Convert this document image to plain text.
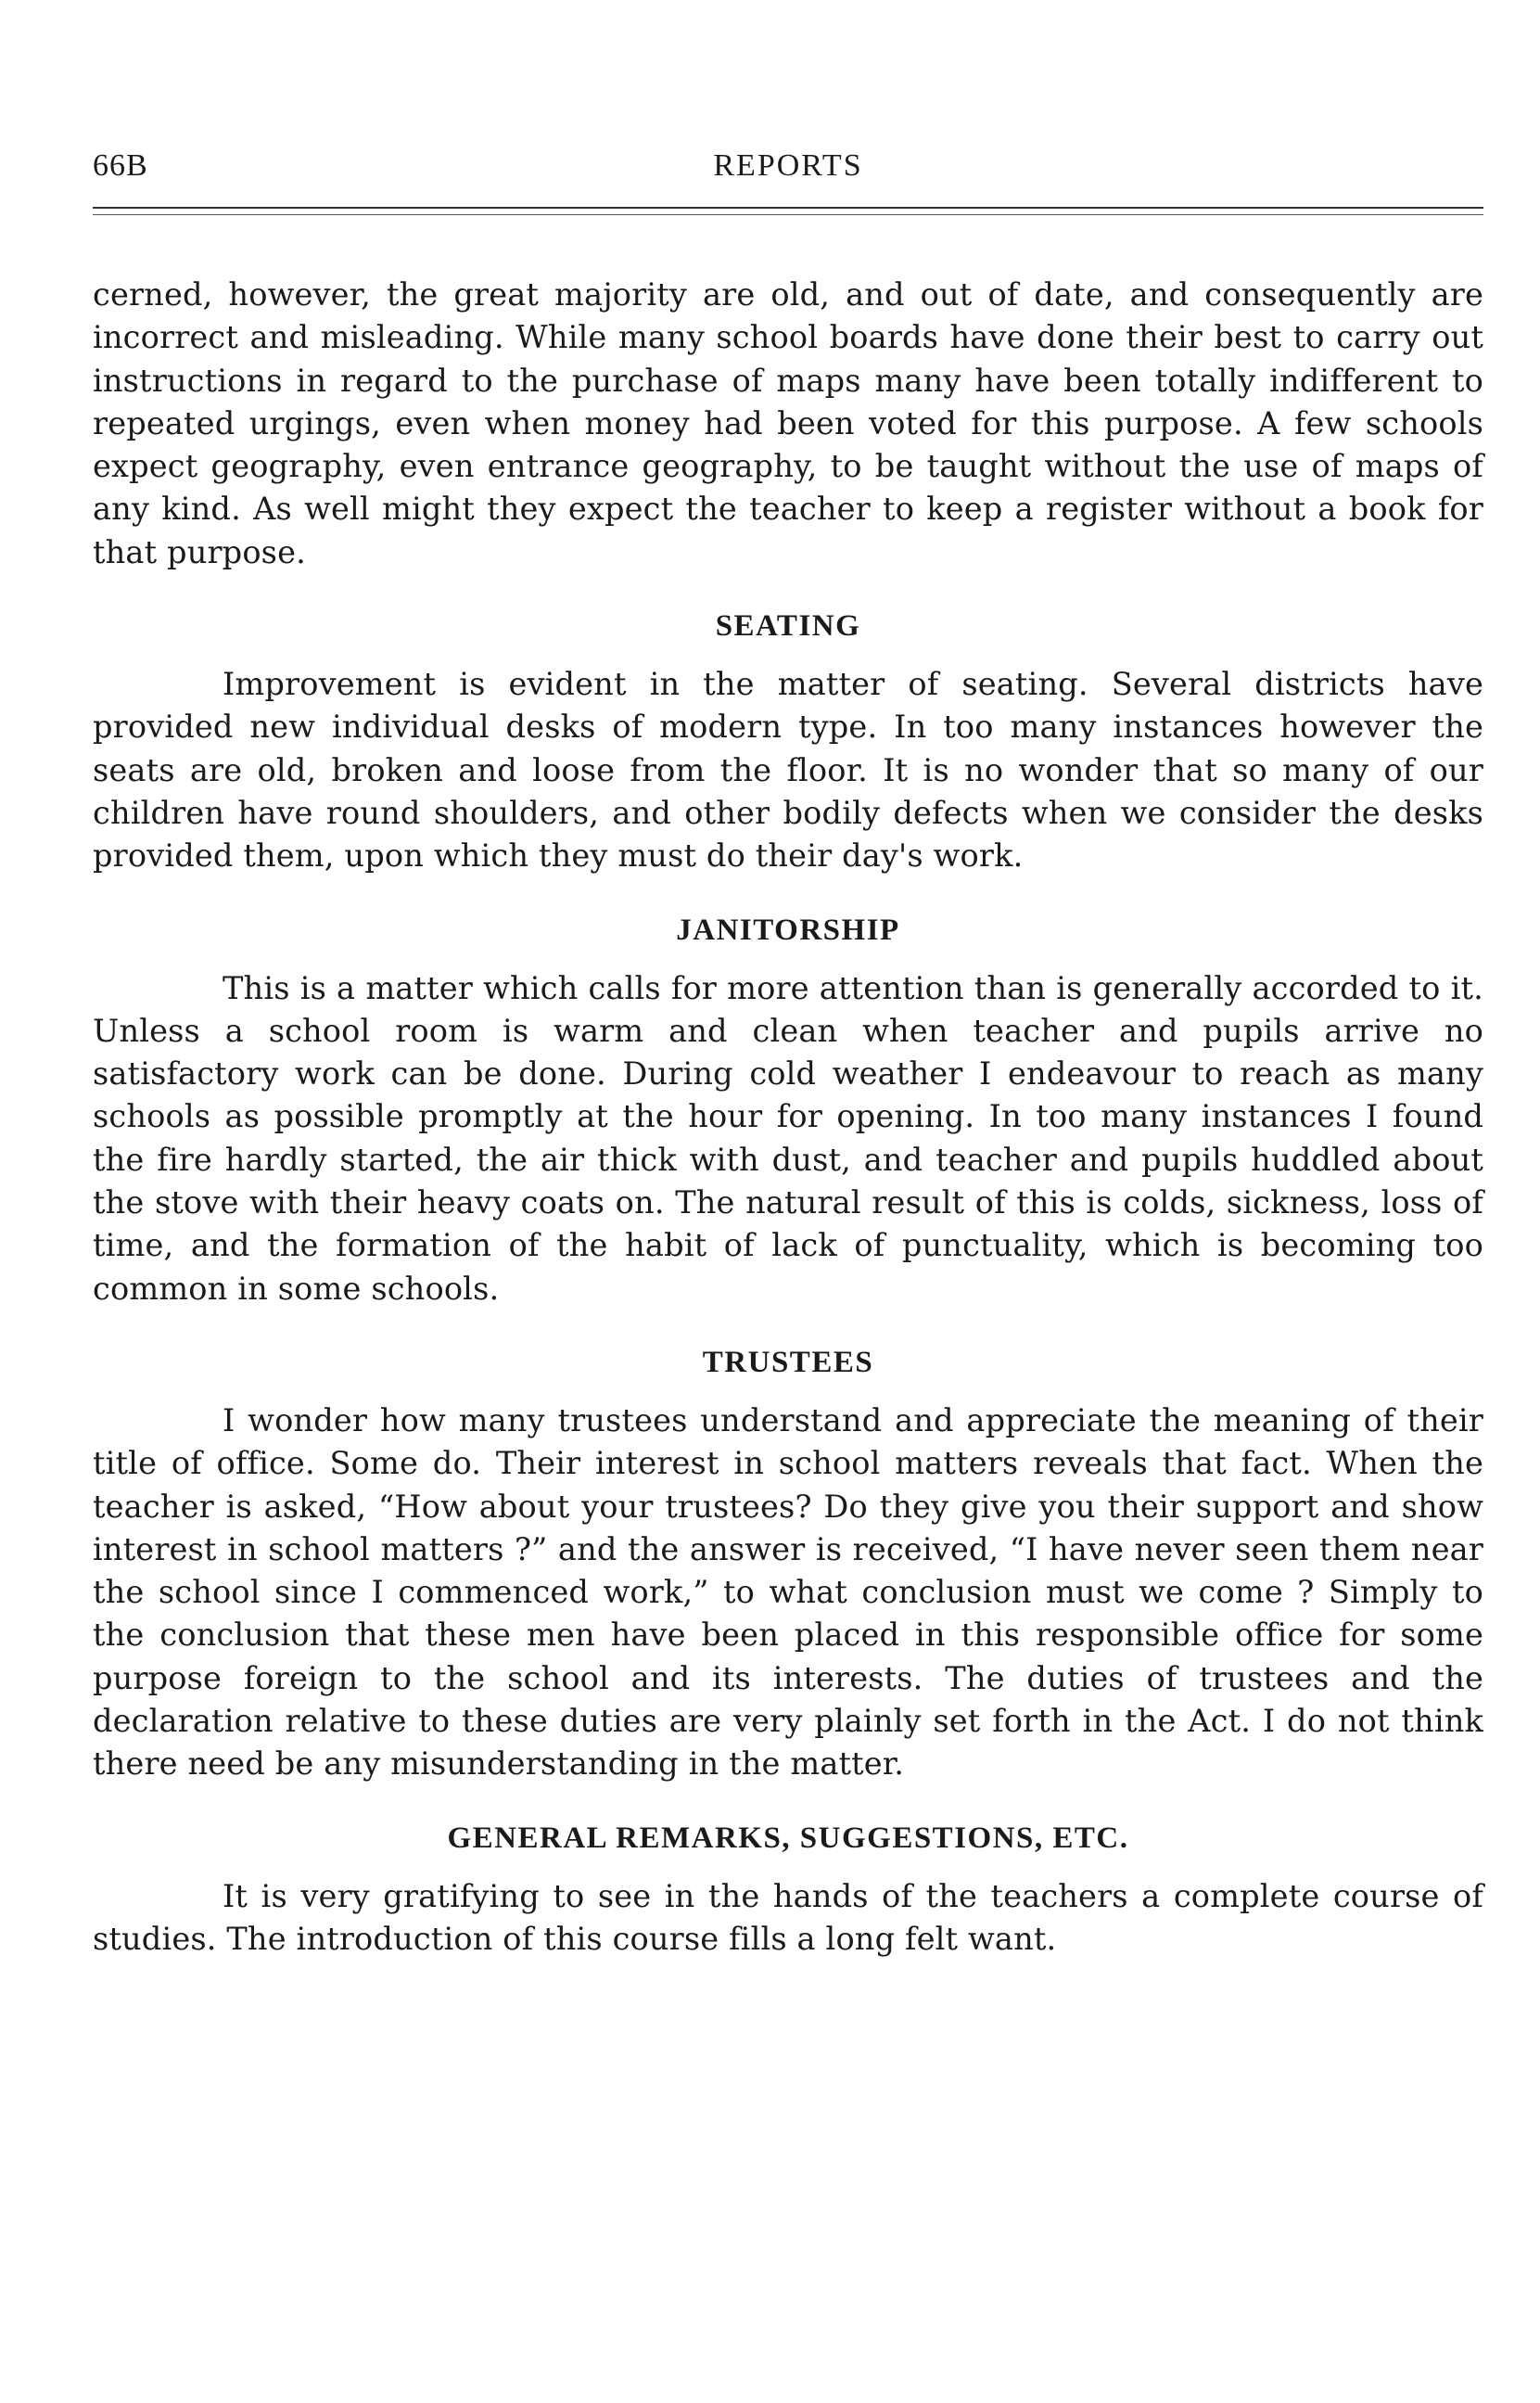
66B	REPORTS

cerned, however, the great majority are old, and out of date, and consequently are incorrect and misleading. While many school boards have done their best to carry out instructions in regard to the purchase of maps many have been totally indifferent to repeated urgings, even when money had been voted for this purpose. A few schools expect geography, even entrance geography, to be taught without the use of maps of any kind. As well might they expect the teacher to keep a register without a book for that purpose.

SEATING

Improvement is evident in the matter of seating. Several districts have provided new individual desks of modern type. In too many instances however the seats are old, broken and loose from the floor. It is no wonder that so many of our children have round shoulders, and other bodily defects when we consider the desks provided them, upon which they must do their day's work.

JANITORSHIP

This is a matter which calls for more attention than is generally accorded to it. Unless a school room is warm and clean when teacher and pupils arrive no satisfactory work can be done. During cold weather I endeavour to reach as many schools as possible promptly at the hour for opening. In too many instances I found the fire hardly started, the air thick with dust, and teacher and pupils huddled about the stove with their heavy coats on. The natural result of this is colds, sickness, loss of time, and the formation of the habit of lack of punctuality, which is becoming too common in some schools.

TRUSTEES

I wonder how many trustees understand and appreciate the meaning of their title of office. Some do. Their interest in school matters reveals that fact. When the teacher is asked, “How about your trustees? Do they give you their support and show interest in school matters ?” and the answer is received, “I have never seen them near the school since I commenced work,” to what conclusion must we come ? Simply to the conclusion that these men have been placed in this responsible office for some purpose foreign to the school and its interests. The duties of trustees and the declaration relative to these duties are very plainly set forth in the Act. I do not think there need be any misunderstanding in the matter.

GENERAL REMARKS, SUGGESTIONS, ETC.

It is very gratifying to see in the hands of the teachers a complete course of studies. The introduction of this course fills a long felt want.
